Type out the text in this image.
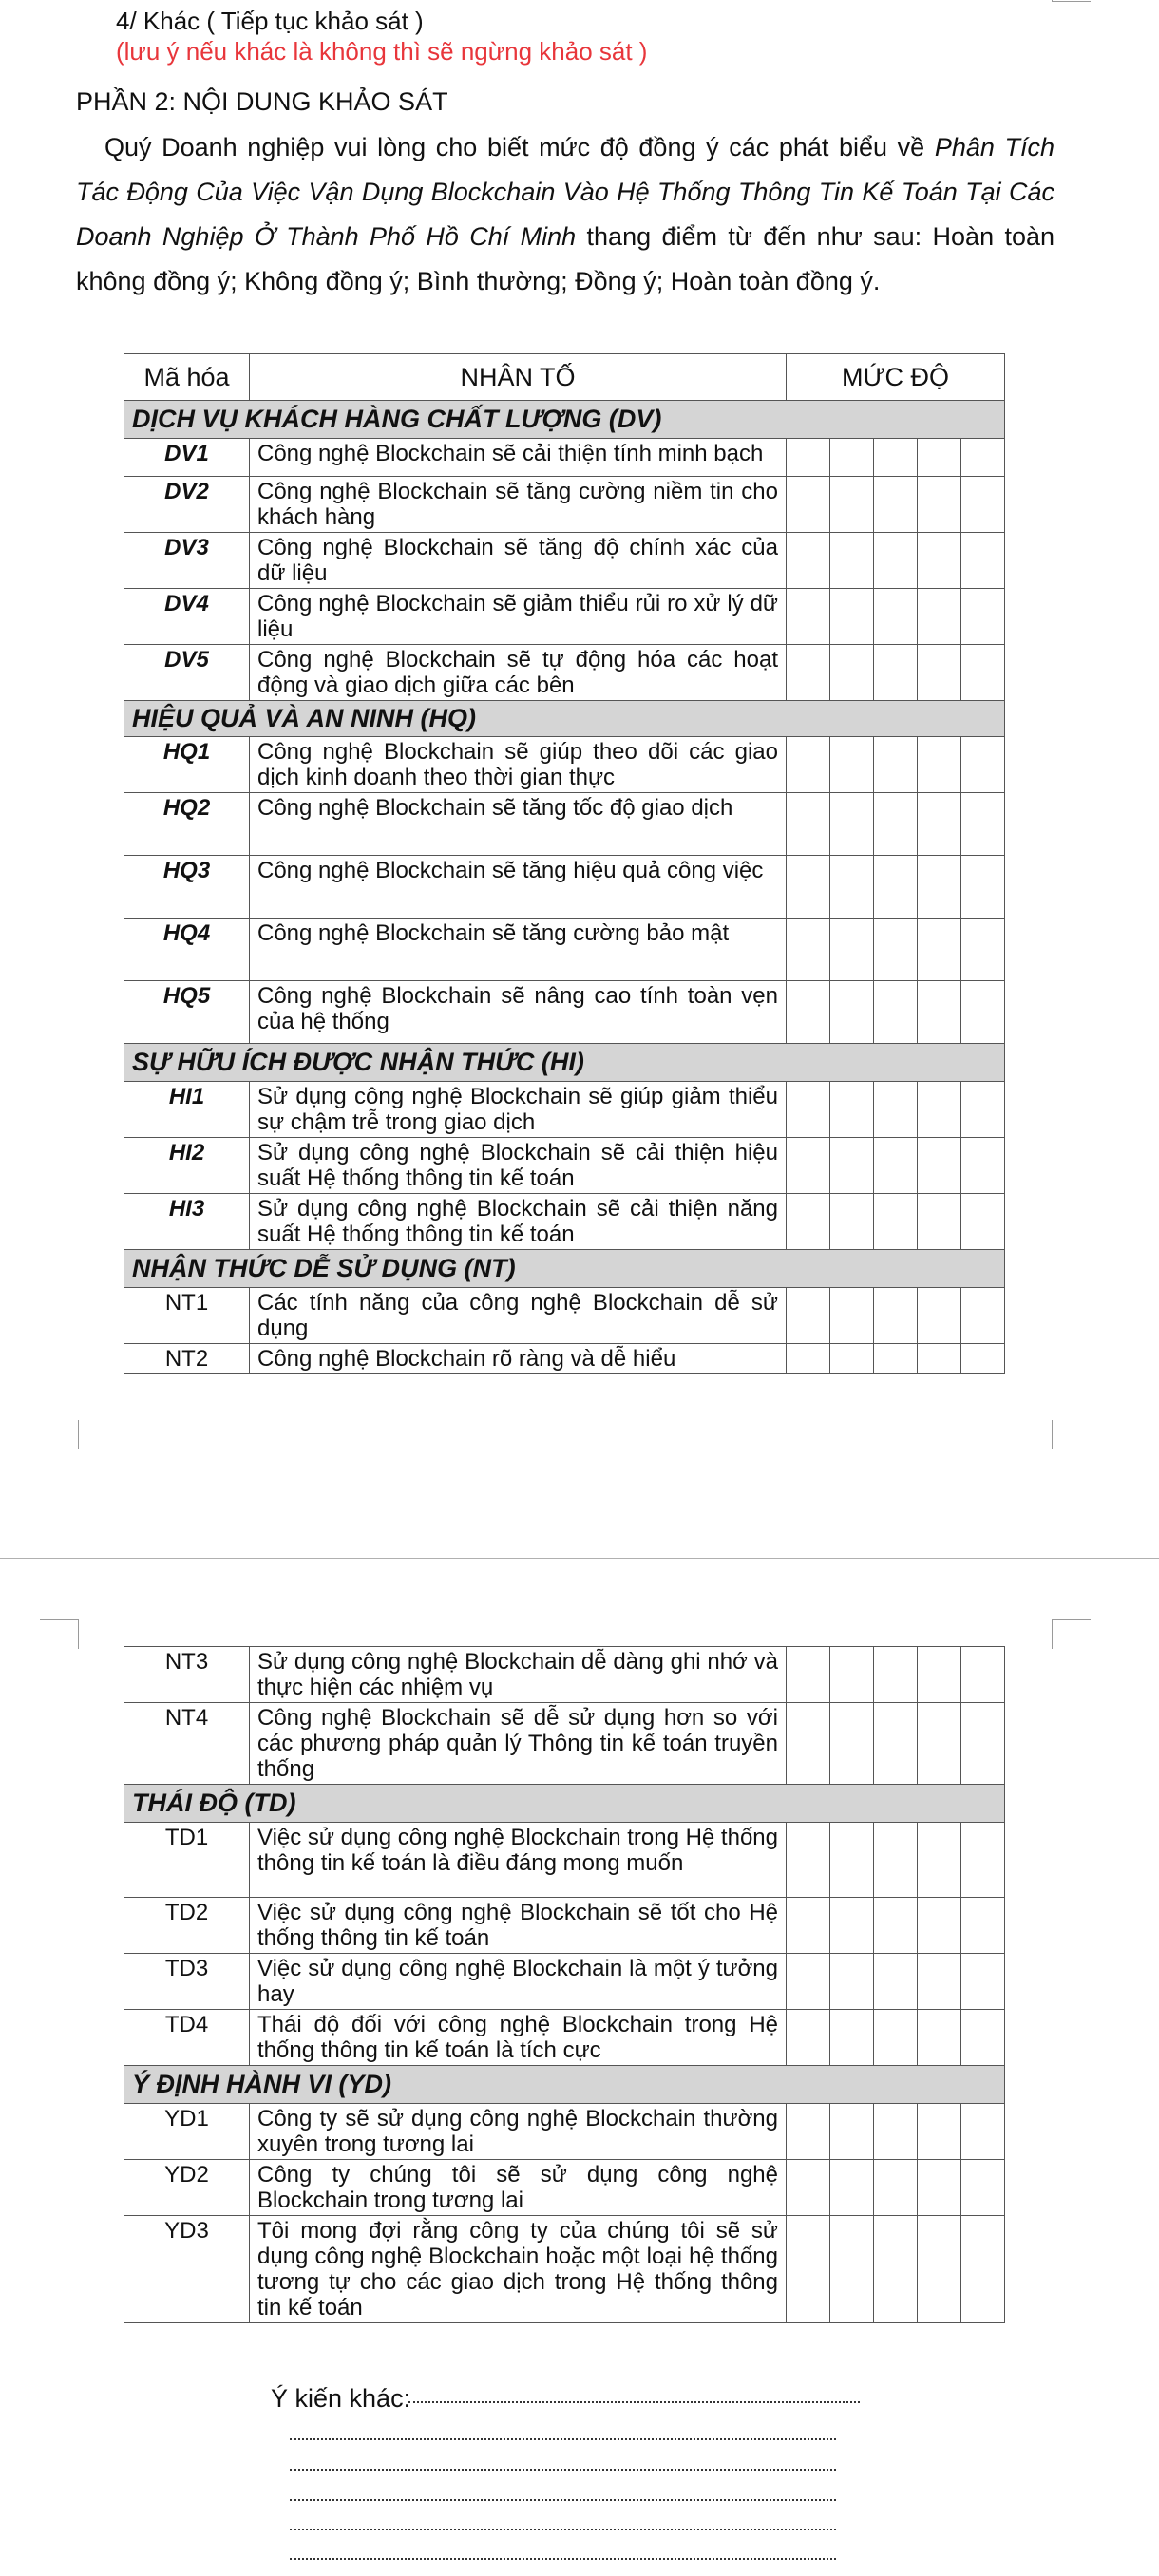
4/ Khác ( Tiếp tục khảo sát )
(lưu ý nếu khác là không thì sẽ ngừng khảo sát )
PHẦN 2: NỘI DUNG KHẢO SÁT
Quý Doanh nghiệp vui lòng cho biết mức độ đồng ý các phát biểu về Phân Tích Tác Động Của Việc Vận Dụng Blockchain Vào Hệ Thống Thông Tin Kế Toán Tại Các Doanh Nghiệp Ở Thành Phố Hồ Chí Minh thang điểm từ đến như sau: Hoàn toàn không đồng ý; Không đồng ý; Bình thường; Đồng ý; Hoàn toàn đồng ý.
Mã hóa	NHÂN TỐ	MỨC ĐỘ				
DỊCH VỤ KHÁCH HÀNG CHẤT LƯỢNG (DV)						
DV1	Công nghệ Blockchain sẽ cải thiện tính minh bạch					
DV2	Công nghệ Blockchain sẽ tăng cường niềm tin cho khách hàng					
DV3	Công nghệ Blockchain sẽ tăng độ chính xác của dữ liệu					
DV4	Công nghệ Blockchain sẽ giảm thiểu rủi ro xử lý dữ liệu					
DV5	Công nghệ Blockchain sẽ tự động hóa các hoạt động và giao dịch giữa các bên					
HIỆU QUẢ VÀ AN NINH (HQ)						
HQ1	Công nghệ Blockchain sẽ giúp theo dõi các giao dịch kinh doanh theo thời gian thực					
HQ2	Công nghệ Blockchain sẽ tăng tốc độ giao dịch					
HQ3	Công nghệ Blockchain sẽ tăng hiệu quả công việc					
HQ4	Công nghệ Blockchain sẽ tăng cường bảo mật					
HQ5	Công nghệ Blockchain sẽ nâng cao tính toàn vẹn của hệ thống					
SỰ HỮU ÍCH ĐƯỢC NHẬN THỨC (HI)						
HI1	Sử dụng công nghệ Blockchain sẽ giúp giảm thiểu sự chậm trễ trong giao dịch					
HI2	Sử dụng công nghệ Blockchain sẽ cải thiện hiệu suất Hệ thống thông tin kế toán					
HI3	Sử dụng công nghệ Blockchain sẽ cải thiện năng suất Hệ thống thông tin kế toán					
NHẬN THỨC DỄ SỬ DỤNG (NT)						
NT1	Các tính năng của công nghệ Blockchain dễ sử dụng					
NT2	Công nghệ Blockchain rõ ràng và dễ hiểu					
NT3	Sử dụng công nghệ Blockchain dễ dàng ghi nhớ và thực hiện các nhiệm vụ					
NT4	Công nghệ Blockchain sẽ dễ sử dụng hơn so với các phương pháp quản lý Thông tin kế toán truyền thống					
THÁI ĐỘ (TD)						
TD1	Việc sử dụng công nghệ Blockchain trong Hệ thống thông tin kế toán là điều đáng mong muốn					
TD2	Việc sử dụng công nghệ Blockchain sẽ tốt cho Hệ thống thông tin kế toán					
TD3	Việc sử dụng công nghệ Blockchain là một ý tưởng hay					
TD4	Thái độ đối với công nghệ Blockchain trong Hệ thống thông tin kế toán là tích cực					
Ý ĐỊNH HÀNH VI (YD)						
YD1	Công ty sẽ sử dụng công nghệ Blockchain thường xuyên trong tương lai					
YD2	Công ty chúng tôi sẽ sử dụng công nghệ Blockchain trong tương lai					
YD3	Tôi mong đợi rằng công ty của chúng tôi sẽ sử dụng công nghệ Blockchain hoặc một loại hệ thống tương tự cho các giao dịch trong Hệ thống thông tin kế toán					
Ý kiến khác:
